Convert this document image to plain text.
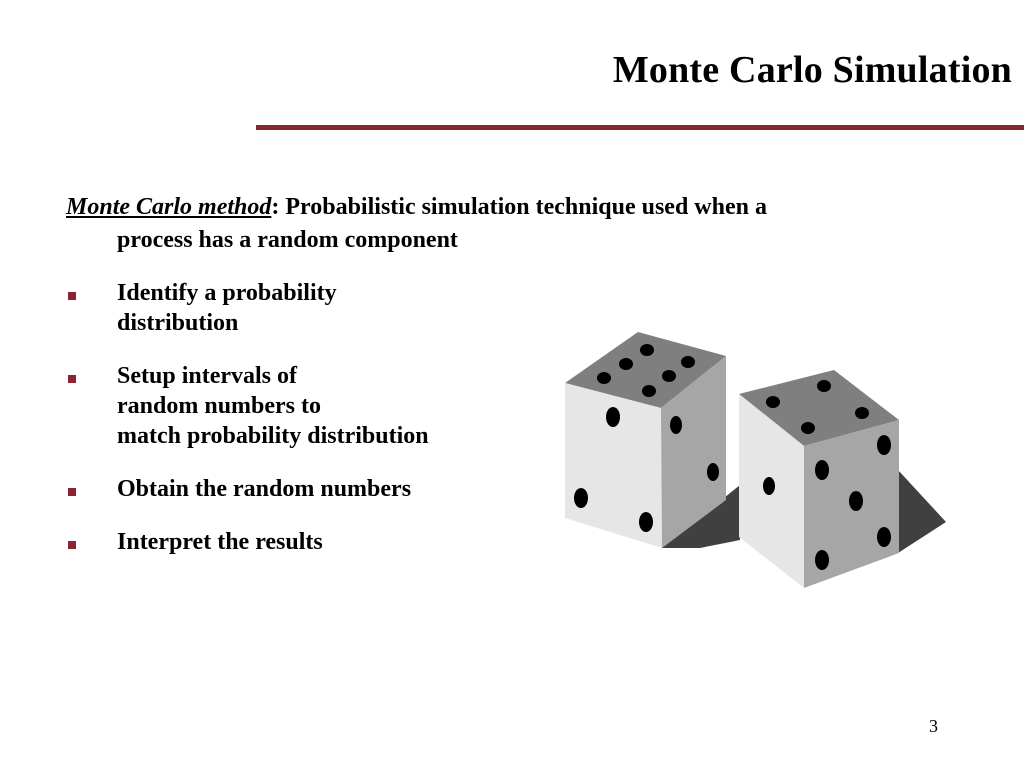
Monte Carlo Simulation
Monte Carlo method: Probabilistic simulation technique used when a
process has a random component
Identify a probability
distribution
Setup intervals of
random numbers to
match probability distribution
Obtain the random numbers
Interpret the results
3
